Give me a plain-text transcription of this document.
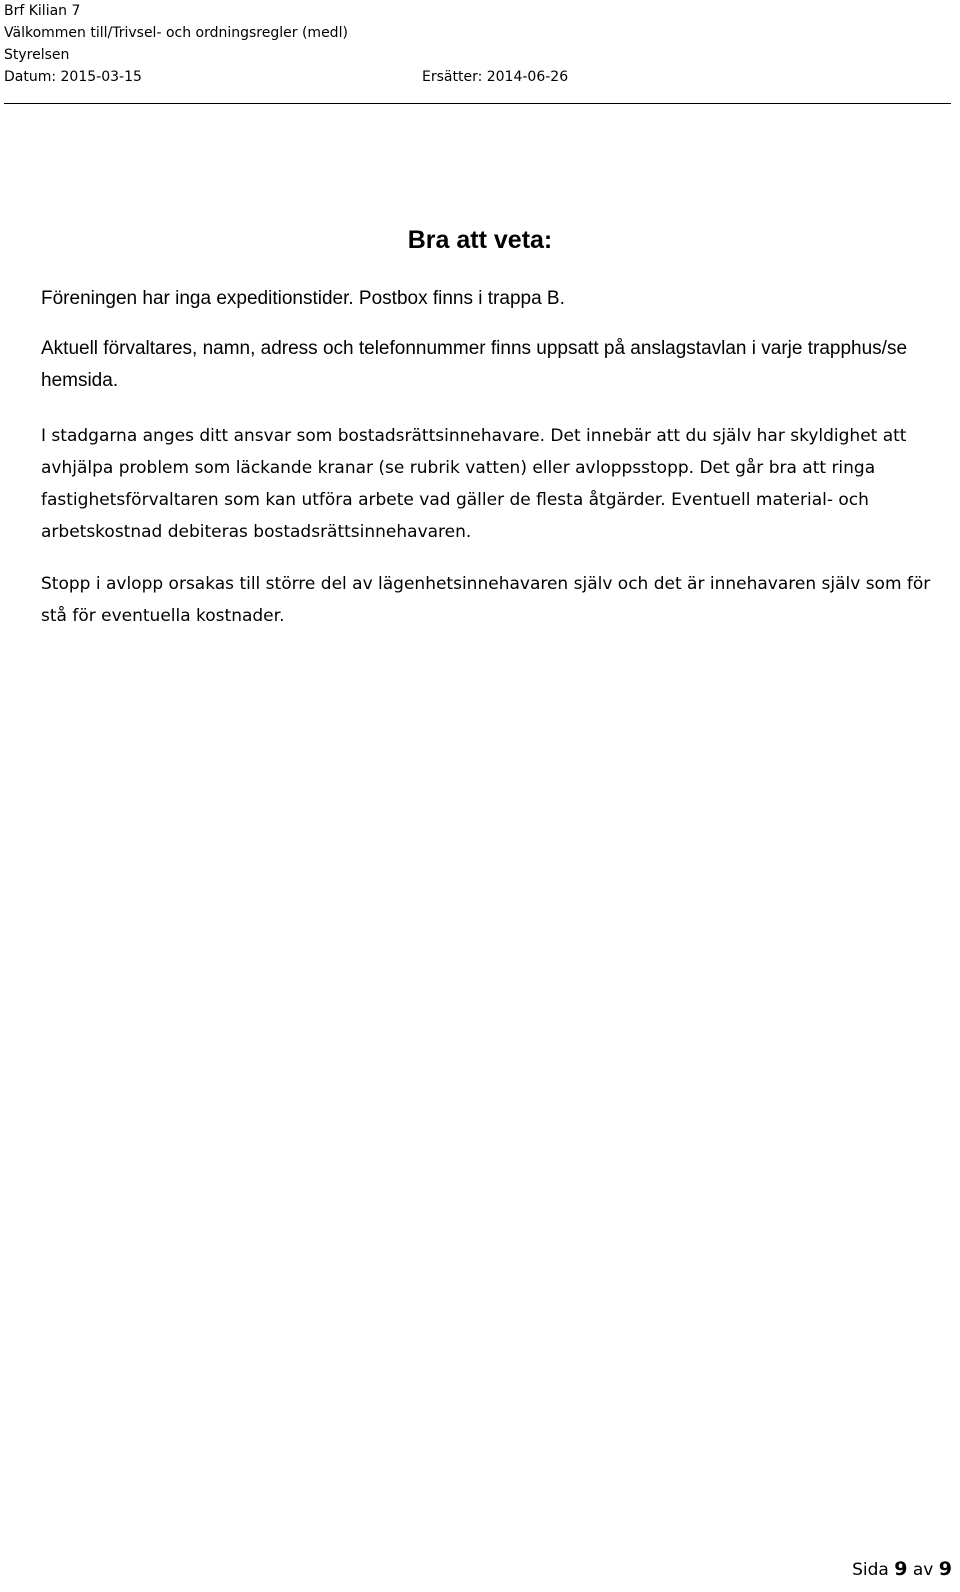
Brf Kilian 7
Välkommen till/Trivsel- och ordningsregler (medl)
Styrelsen
Datum: 2015-03-15	Ersätter: 2014-06-26
Bra att veta:

Föreningen har inga expeditionstider. Postbox finns i trappa B.

Aktuell förvaltares, namn, adress och telefonnummer finns uppsatt på anslagstavlan i varje trapphus/se hemsida.

I stadgarna anges ditt ansvar som bostadsrättsinnehavare. Det innebär att du själv har skyldighet att avhjälpa problem som läckande kranar (se rubrik vatten) eller avloppsstopp. Det går bra att ringa fastighetsförvaltaren som kan utföra arbete vad gäller de flesta åtgärder. Eventuell material- och arbetskostnad debiteras bostadsrättsinnehavaren.

Stopp i avlopp orsakas till större del av lägenhetsinnehavaren själv och det är innehavaren själv som för stå för eventuella kostnader.

Sida 9 av 9
